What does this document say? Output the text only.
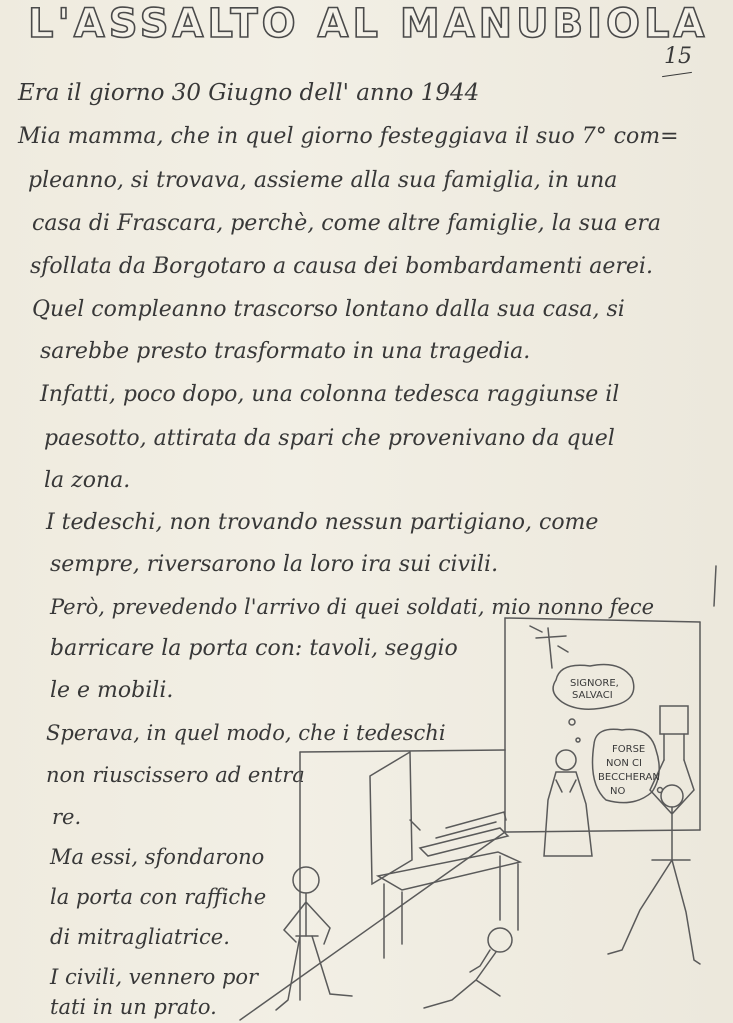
L'ASSALTO AL MANUBIOLA
15
Era il giorno 30 Giugno dell' anno 1944
Mia mamma, che in quel giorno festeggiava il suo 7° com=
pleanno, si trovava, assieme alla sua famiglia, in una
casa di Frascara, perchè, come altre famiglie, la sua era
sfollata da Borgotaro a causa dei bombardamenti aerei.
Quel compleanno trascorso lontano dalla sua casa, si
sarebbe presto trasformato in una tragedia.
Infatti, poco dopo, una colonna tedesca raggiunse il
paesotto, attirata da spari che provenivano da quel
la zona.
I tedeschi, non trovando nessun partigiano, come
sempre, riversarono la loro ira sui civili.
Però, prevedendo l'arrivo di quei soldati, mio nonno fece
barricare la porta con: tavoli, seggio
le e mobili.
Sperava, in quel modo, che i tedeschi
non riuscissero ad entra
re.
Ma essi, sfondarono
la porta con raffiche
di mitragliatrice.
I civili, vennero por
tati in un prato.
SIGNORE,
SALVACI
FORSE
NON CI
BECCHERAN
NO
